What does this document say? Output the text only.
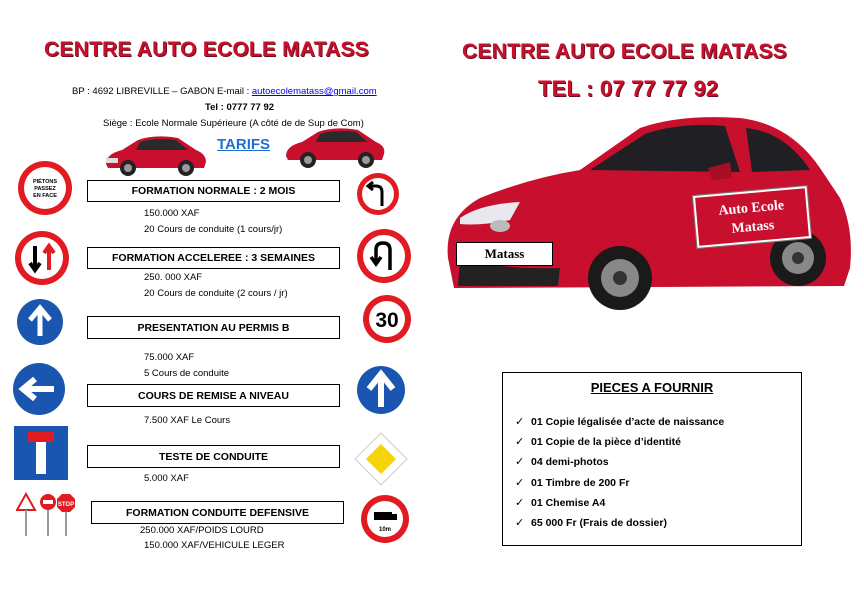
CENTRE AUTO ECOLE MATASS
BP : 4692 LIBREVILLE – GABON E-mail : autoecolematass@gmail.com
Tel : 0777 77 92
Siège : Ecole Normale Supérieure (A côté de de Sup de Com)
TARIFS
PIÉTONS
PASSEZ
EN FACE
STOP
30
10m
FORMATION NORMALE : 2 MOIS
150.000 XAF
20 Cours de conduite (1 cours/jr)
FORMATION ACCELEREE : 3 SEMAINES
250. 000 XAF
20 Cours de conduite (2 cours / jr)
PRESENTATION AU PERMIS B
75.000 XAF
5 Cours de conduite
COURS DE REMISE A NIVEAU
7.500 XAF Le Cours
TESTE DE CONDUITE
5.000 XAF
FORMATION CONDUITE DEFENSIVE
250.000 XAF/POIDS LOURD
150.000 XAF/VEHICULE LEGER
CENTRE AUTO ECOLE MATASS
TEL : 07 77 77 92
Matass
Auto Ecole
Matass
PIECES A FOURNIR
✓ 01 Copie légalisée d’acte de naissance
✓ 01 Copie de la pièce d’identité
✓ 04 demi-photos
✓ 01 Timbre de 200 Fr
✓ 01 Chemise A4
✓ 65 000 Fr (Frais de dossier)
